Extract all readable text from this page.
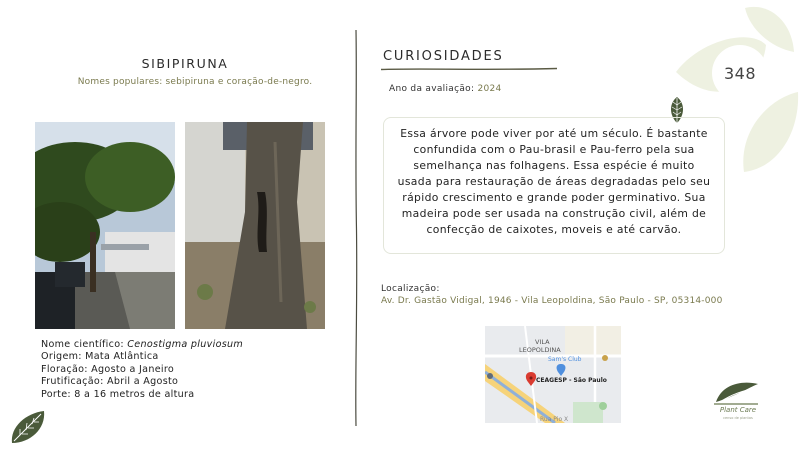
348
SIBIPIRUNA
Nomes populares: sebipiruna e coração-de-negro.
Nome científico: Cenostigma pluviosum
Origem: Mata Atlântica
Floração: Agosto a Janeiro
Frutificação: Abril a Agosto
Porte: 8 a 16 metros de altura
CURIOSIDADES
Ano da avaliação: 2024

Essa árvore pode viver por até um século. É bastante confundida com o Pau-brasil e Pau-ferro pela sua semelhança nas folhagens. Essa espécie é muito usada para restauração de áreas degradadas pelo seu rápido crescimento e grande poder germinativo. Sua madeira pode ser usada na construção civil, além de confecção de caixotes, moveis e até carvão.

Localização:
Av. Dr. Gastão Vidigal, 1946 - Vila Leopoldina, São Paulo - SP, 05314-000
VILA
LEOPOLDINA
Sam's Club
CEAGESP - São Paulo
Rua Pio X
Plant Care
censo de plantas
